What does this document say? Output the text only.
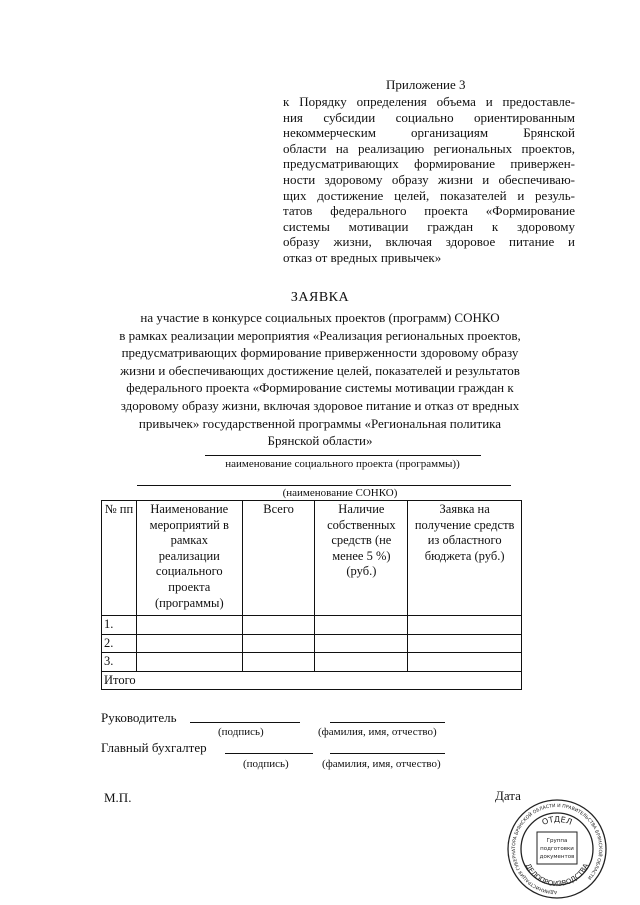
Приложение 3
к Порядку определения объема и предоставле-
ния субсидии социально ориентированным
некоммерческим организациям Брянской
области на реализацию региональных проектов,
предусматривающих формирование привержен-
ности здоровому образу жизни и обеспечиваю-
щих достижение целей, показателей и резуль-
татов федерального проекта «Формирование
системы мотивации граждан к здоровому
образу жизни, включая здоровое питание и
отказ от вредных привычек»
ЗАЯВКА
на участие в конкурсе социальных проектов (программ) СОНКО
в рамках реализации мероприятия «Реализация региональных проектов,
предусматривающих формирование приверженности здоровому образу
жизни и обеспечивающих достижение целей, показателей и результатов
федерального проекта «Формирование системы мотивации граждан к
здоровому образу жизни, включая здоровое питание и отказ от вредных
привычек» государственной программы «Региональная политика
Брянской области»
наименование социального проекта (программы))
(наименование СОНКО)
№ пп	Наименование мероприятий в рамках реализации социального проекта (программы)	Всего	Наличие собственных средств (не менее 5 %) (руб.)	Заявка на получение средств из областного бюджета (руб.)
1.				
2.				
3.				
Итого				
Руководитель
(подпись)	(фамилия, имя, отчество)
Главный бухгалтер
(подпись)	(фамилия, имя, отчество)
М.П.	Дата
АДМИНИСТРАЦИЯ ГУБЕРНАТОРА БРЯНСКОЙ ОБЛАСТИ И ПРАВИТЕЛЬСТВА БРЯНСКОЙ ОБЛАСТИ
ОТДЕЛ
ДЕЛОПРОИЗВОДСТВА
Группа
подготовки
документов
